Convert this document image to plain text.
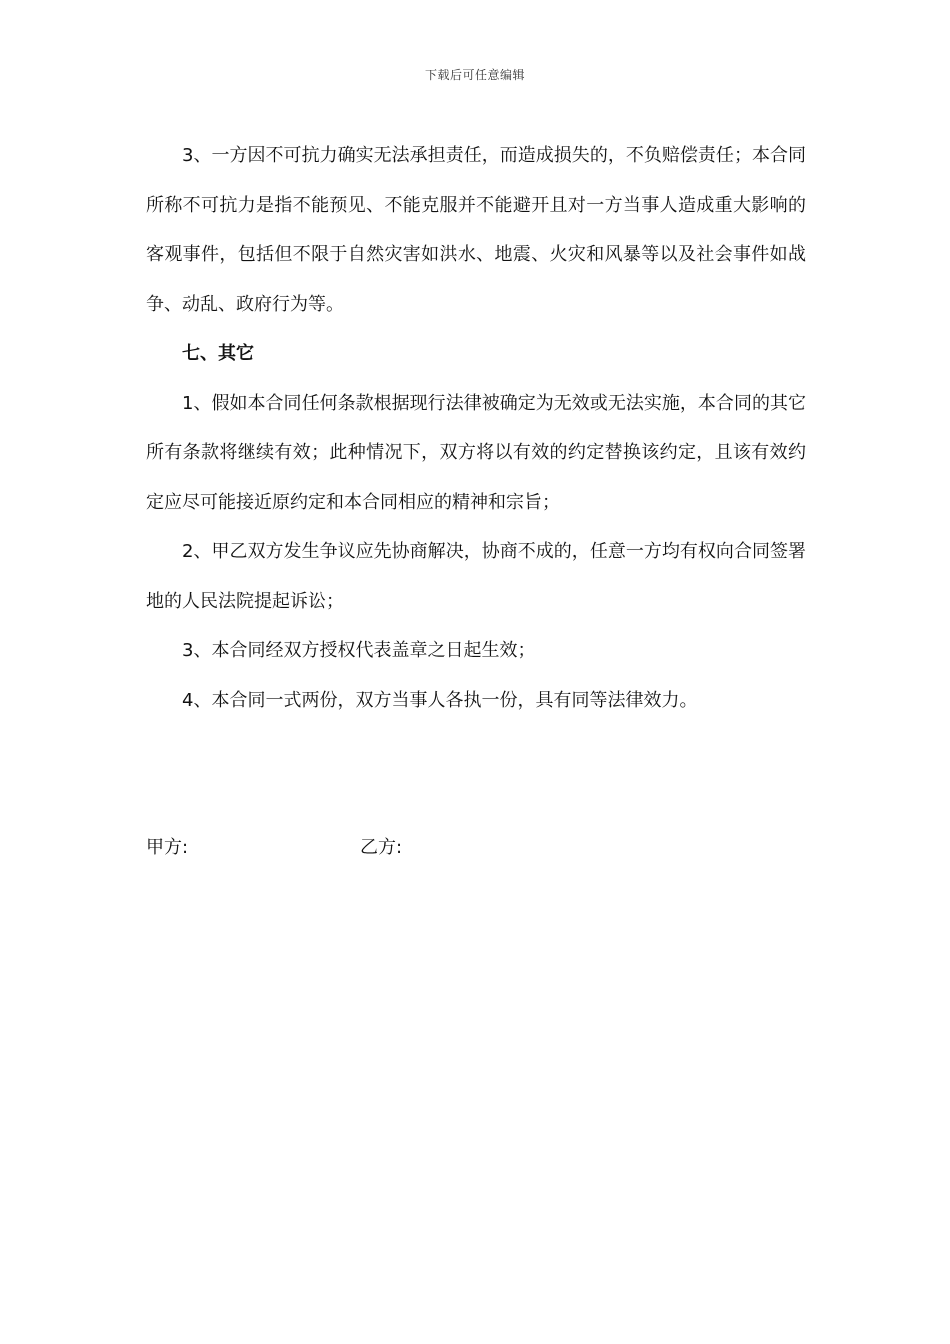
下载后可任意编辑

3、一方因不可抗力确实无法承担责任，而造成损失的，不负赔偿责任；本合同所称不可抗力是指不能预见、不能克服并不能避开且对一方当事人造成重大影响的客观事件，包括但不限于自然灾害如洪水、地震、火灾和风暴等以及社会事件如战争、动乱、政府行为等。

七、其它

1、假如本合同任何条款根据现行法律被确定为无效或无法实施，本合同的其它所有条款将继续有效；此种情况下，双方将以有效的约定替换该约定，且该有效约定应尽可能接近原约定和本合同相应的精神和宗旨；

2、甲乙双方发生争议应先协商解决，协商不成的，任意一方均有权向合同签署地的人民法院提起诉讼；

3、本合同经双方授权代表盖章之日起生效；

4、本合同一式两份，双方当事人各执一份，具有同等法律效力。

甲方:	乙方:
